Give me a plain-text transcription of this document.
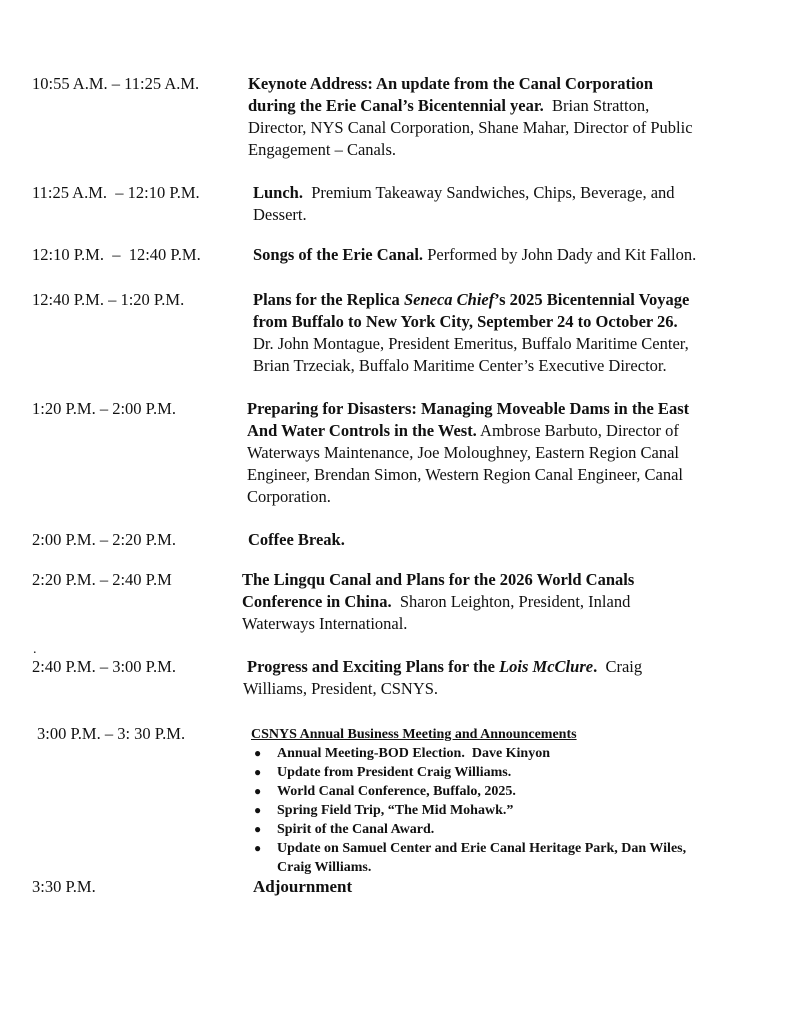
10:55 A.M. – 11:25 A.M.	Keynote Address: An update from the Canal Corporation
during the Erie Canal’s Bicentennial year.  Brian Stratton,
Director, NYS Canal Corporation, Shane Mahar, Director of Public
Engagement – Canals.
11:25 A.M.  – 12:10 P.M.	Lunch.  Premium Takeaway Sandwiches, Chips, Beverage, and
Dessert.
12:10 P.M.  –  12:40 P.M.	Songs of the Erie Canal. Performed by John Dady and Kit Fallon.
12:40 P.M. – 1:20 P.M.	Plans for the Replica Seneca Chief’s 2025 Bicentennial Voyage
from Buffalo to New York City, September 24 to October 26.
Dr. John Montague, President Emeritus, Buffalo Maritime Center,
Brian Trzeciak, Buffalo Maritime Center’s Executive Director.
1:20 P.M. – 2:00 P.M.	Preparing for Disasters: Managing Moveable Dams in the East
And Water Controls in the West. Ambrose Barbuto, Director of
Waterways Maintenance, Joe Moloughney, Eastern Region Canal
Engineer, Brendan Simon, Western Region Canal Engineer, Canal
Corporation.
2:00 P.M. – 2:20 P.M.	Coffee Break.
2:20 P.M. – 2:40 P.M	The Lingqu Canal and Plans for the 2026 World Canals
Conference in China.  Sharon Leighton, President, Inland
Waterways International.
.
2:40 P.M. – 3:00 P.M.	Progress and Exciting Plans for the Lois McClure.  Craig
Williams, President, CSNYS.
3:00 P.M. – 3: 30 P.M.	CSNYS Annual Business Meeting and Announcements
● Annual Meeting-BOD Election.  Dave Kinyon
● Update from President Craig Williams.
● World Canal Conference, Buffalo, 2025.
● Spring Field Trip, “The Mid Mohawk.”
● Spirit of the Canal Award.
● Update on Samuel Center and Erie Canal Heritage Park, Dan Wiles,
Craig Williams.
3:30 P.M.	Adjournment
